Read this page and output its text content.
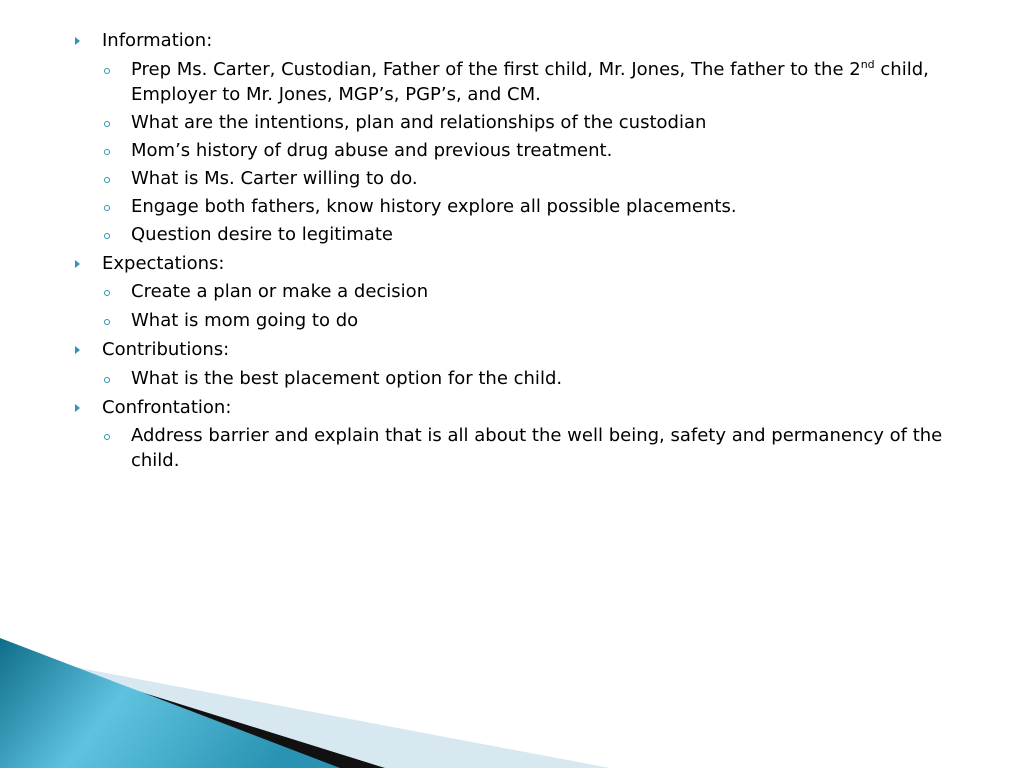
Information:
Prep Ms. Carter, Custodian, Father of the first child, Mr. Jones, The father to the 2nd child, Employer to Mr. Jones, MGP’s, PGP’s, and CM.
What are the intentions, plan and relationships of the custodian
Mom’s history of drug abuse and previous treatment.
What is Ms. Carter willing to do.
Engage both fathers, know history explore all possible placements.
Question desire to legitimate
Expectations:
Create a plan or make a decision
What is mom going to do
Contributions:
What is the best placement option for the child.
Confrontation:
Address barrier and explain that is all about the well being, safety and permanency of the child.
